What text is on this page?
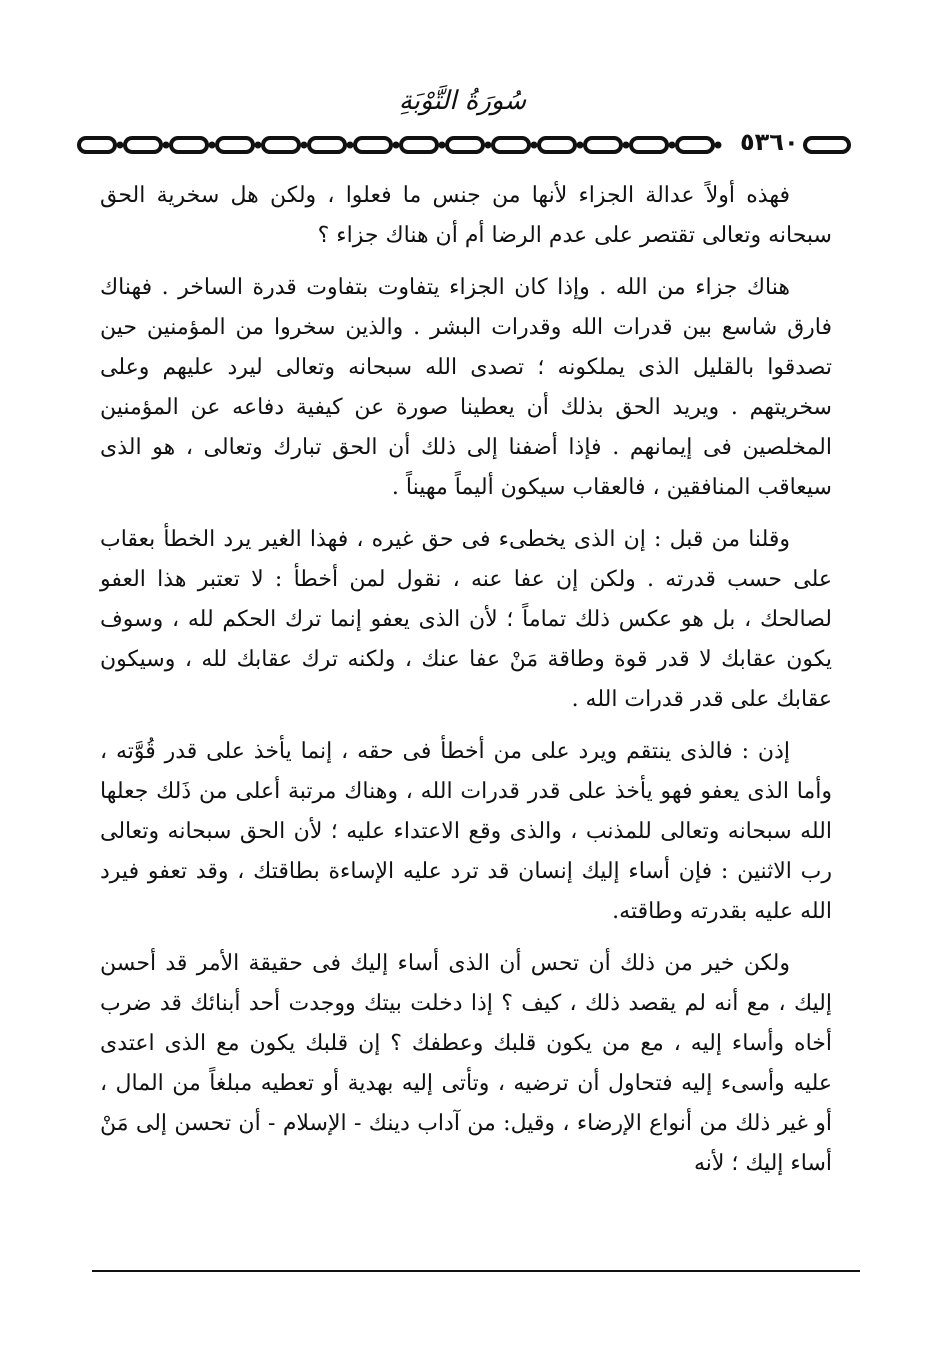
سُورَةُ التَّوْبَةِ
٥٣٦٠

فهذه أولاً عدالة الجزاء لأنها من جنس ما فعلوا ، ولكن هل سخرية الحق سبحانه وتعالى تقتصر على عدم الرضا أم أن هناك جزاء ؟

هناك جزاء من الله . وإذا كان الجزاء يتفاوت بتفاوت قدرة الساخر . فهناك فارق شاسع بين قدرات الله وقدرات البشر . والذين سخروا من المؤمنين حين تصدقوا بالقليل الذى يملكونه ؛ تصدى الله سبحانه وتعالى ليرد عليهم وعلى سخريتهم . ويريد الحق بذلك أن يعطينا صورة عن كيفية دفاعه عن المؤمنين المخلصين فى إيمانهم . فإذا أضفنا إلى ذلك أن الحق تبارك وتعالى ، هو الذى سيعاقب المنافقين ، فالعقاب سيكون أليماً مهيناً .

وقلنا من قبل : إن الذى يخطىء فى حق غيره ، فهذا الغير يرد الخطأ بعقاب على حسب قدرته . ولكن إن عفا عنه ، نقول لمن أخطأ : لا تعتبر هذا العفو لصالحك ، بل هو عكس ذلك تماماً ؛ لأن الذى يعفو إنما ترك الحكم لله ، وسوف يكون عقابك لا قدر قوة وطاقة مَنْ عفا عنك ، ولكنه ترك عقابك لله ، وسيكون عقابك على قدر قدرات الله .

إذن : فالذى ينتقم ويرد على من أخطأ فى حقه ، إنما يأخذ على قدر قُوَّته ، وأما الذى يعفو فهو يأخذ على قدر قدرات الله ، وهناك مرتبة أعلى من ذَلك جعلها الله سبحانه وتعالى للمذنب ، والذى وقع الاعتداء عليه ؛ لأن الحق سبحانه وتعالى رب الاثنين : فإن أساء إليك إنسان قد ترد عليه الإساءة بطاقتك ، وقد تعفو فيرد الله عليه بقدرته وطاقته.

ولكن خير من ذلك أن تحس أن الذى أساء إليك فى حقيقة الأمر قد أحسن إليك ، مع أنه لم يقصد ذلك ، كيف ؟ إذا دخلت بيتك ووجدت أحد أبنائك قد ضرب أخاه وأساء إليه ، مع من يكون قلبك وعطفك ؟ إن قلبك يكون مع الذى اعتدى عليه وأسىء إليه فتحاول أن ترضيه ، وتأتى إليه بهدية أو تعطيه مبلغاً من المال ، أو غير ذلك من أنواع الإرضاء ، وقيل: من آداب دينك - الإسلام - أن تحسن إلى مَنْ أساء إليك ؛ لأنه
